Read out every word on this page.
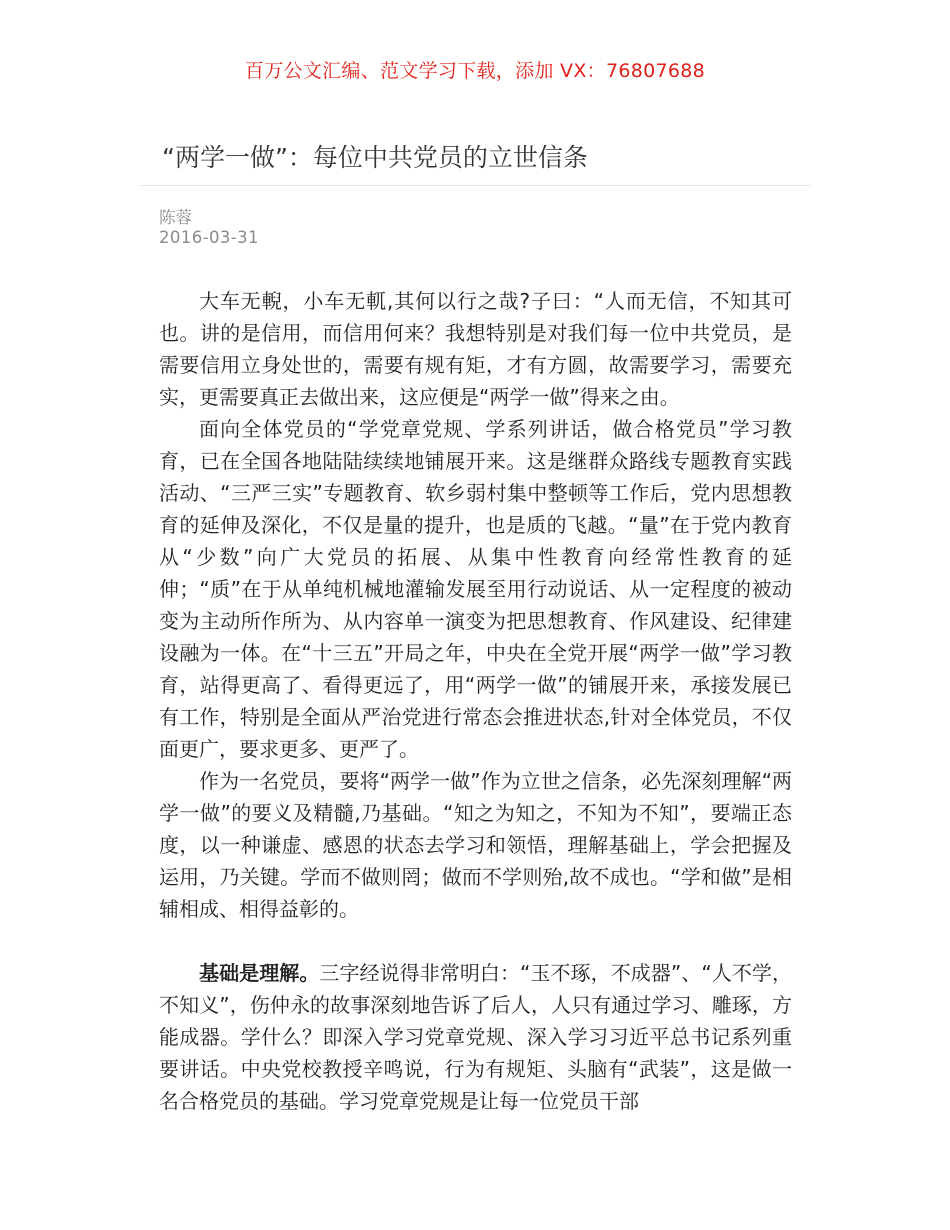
百万公文汇编、范文学习下载，添加 VX：76807688
“两学一做”：每位中共党员的立世信条
陈蓉
2016-03-31

大车无輗，小车无軏,其何以行之哉?子曰：“人而无信，不知其可也。讲的是信用，而信用何来？我想特别是对我们每一位中共党员，是需要信用立身处世的，需要有规有矩，才有方圆，故需要学习，需要充实，更需要真正去做出来，这应便是“两学一做”得来之由。

面向全体党员的“学党章党规、学系列讲话，做合格党员”学习教育，已在全国各地陆陆续续地铺展开来。这是继群众路线专题教育实践活动、“三严三实”专题教育、软乡弱村集中整顿等工作后，党内思想教育的延伸及深化，不仅是量的提升，也是质的飞越。“量”在于党内教育从“少数”向广大党员的拓展、从集中性教育向经常性教育的延伸；“质”在于从单纯机械地灌输发展至用行动说话、从一定程度的被动变为主动所作所为、从内容单一演变为把思想教育、作风建设、纪律建设融为一体。在“十三五”开局之年，中央在全党开展“两学一做”学习教育，站得更高了、看得更远了，用“两学一做”的铺展开来，承接发展已有工作，特别是全面从严治党进行常态会推进状态,针对全体党员，不仅面更广，要求更多、更严了。

作为一名党员，要将“两学一做”作为立世之信条，必先深刻理解“两学一做”的要义及精髓,乃基础。“知之为知之，不知为不知”，要端正态度，以一种谦虚、感恩的状态去学习和领悟，理解基础上，学会把握及运用，乃关键。学而不做则罔；做而不学则殆,故不成也。“学和做”是相辅相成、相得益彰的。

基础是理解。三字经说得非常明白：“玉不琢，不成器”、“人不学，不知义”，伤仲永的故事深刻地告诉了后人，人只有通过学习、雕琢，方能成器。学什么？即深入学习党章党规、深入学习习近平总书记系列重要讲话。中央党校教授辛鸣说，行为有规矩、头脑有“武装”，这是做一名合格党员的基础。学习党章党规是让每一位党员干部
